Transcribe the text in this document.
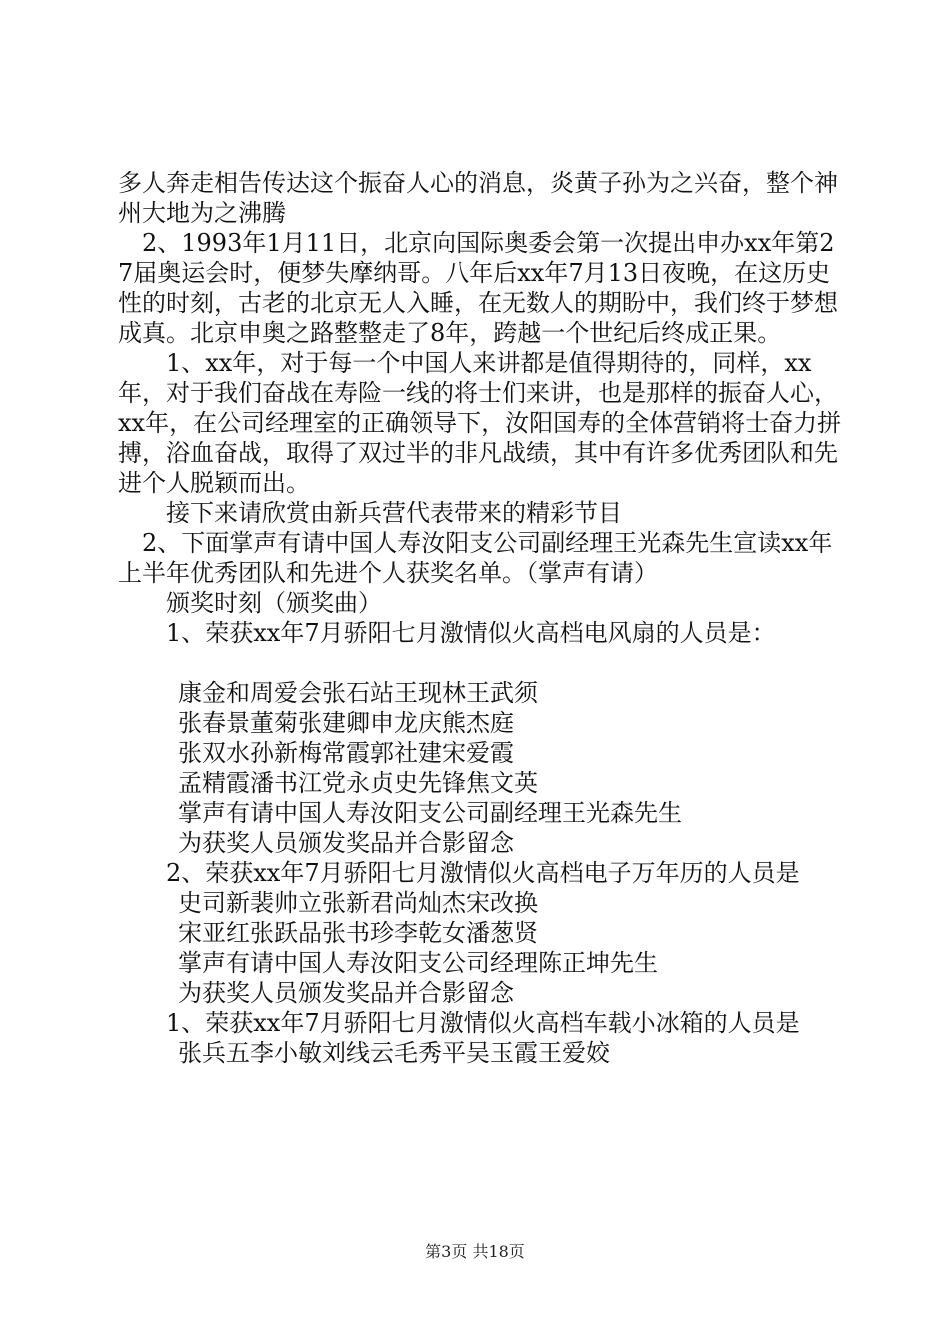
多人奔走相告传达这个振奋人心的消息，炎黄子孙为之兴奋，整个神州大地为之沸腾

2、1993年1月11日，北京向国际奥委会第一次提出申办xx年第27届奥运会时，便梦失摩纳哥。八年后xx年7月13日夜晚，在这历史性的时刻，古老的北京无人入睡，在无数人的期盼中，我们终于梦想成真。北京申奥之路整整走了8年，跨越一个世纪后终成正果。

1、xx年，对于每一个中国人来讲都是值得期待的，同样，xx年，对于我们奋战在寿险一线的将士们来讲，也是那样的振奋人心，xx年，在公司经理室的正确领导下，汝阳国寿的全体营销将士奋力拼搏，浴血奋战，取得了双过半的非凡战绩，其中有许多优秀团队和先进个人脱颖而出。

接下来请欣赏由新兵营代表带来的精彩节目

2、下面掌声有请中国人寿汝阳支公司副经理王光森先生宣读xx年上半年优秀团队和先进个人获奖名单。（掌声有请）

颁奖时刻（颁奖曲）

1、荣获xx年7月骄阳七月激情似火高档电风扇的人员是：

康金和周爱会张石站王现林王武须

张春景董菊张建卿申龙庆熊杰庭

张双水孙新梅常霞郭社建宋爱霞

孟精霞潘书江党永贞史先锋焦文英

掌声有请中国人寿汝阳支公司副经理王光森先生

为获奖人员颁发奖品并合影留念

2、荣获xx年7月骄阳七月激情似火高档电子万年历的人员是

史司新裴帅立张新君尚灿杰宋改换

宋亚红张跃品张书珍李乾女潘葱贤

掌声有请中国人寿汝阳支公司经理陈正坤先生

为获奖人员颁发奖品并合影留念

1、荣获xx年7月骄阳七月激情似火高档车载小冰箱的人员是

张兵五李小敏刘线云毛秀平吴玉霞王爱姣

第3页 共18页
